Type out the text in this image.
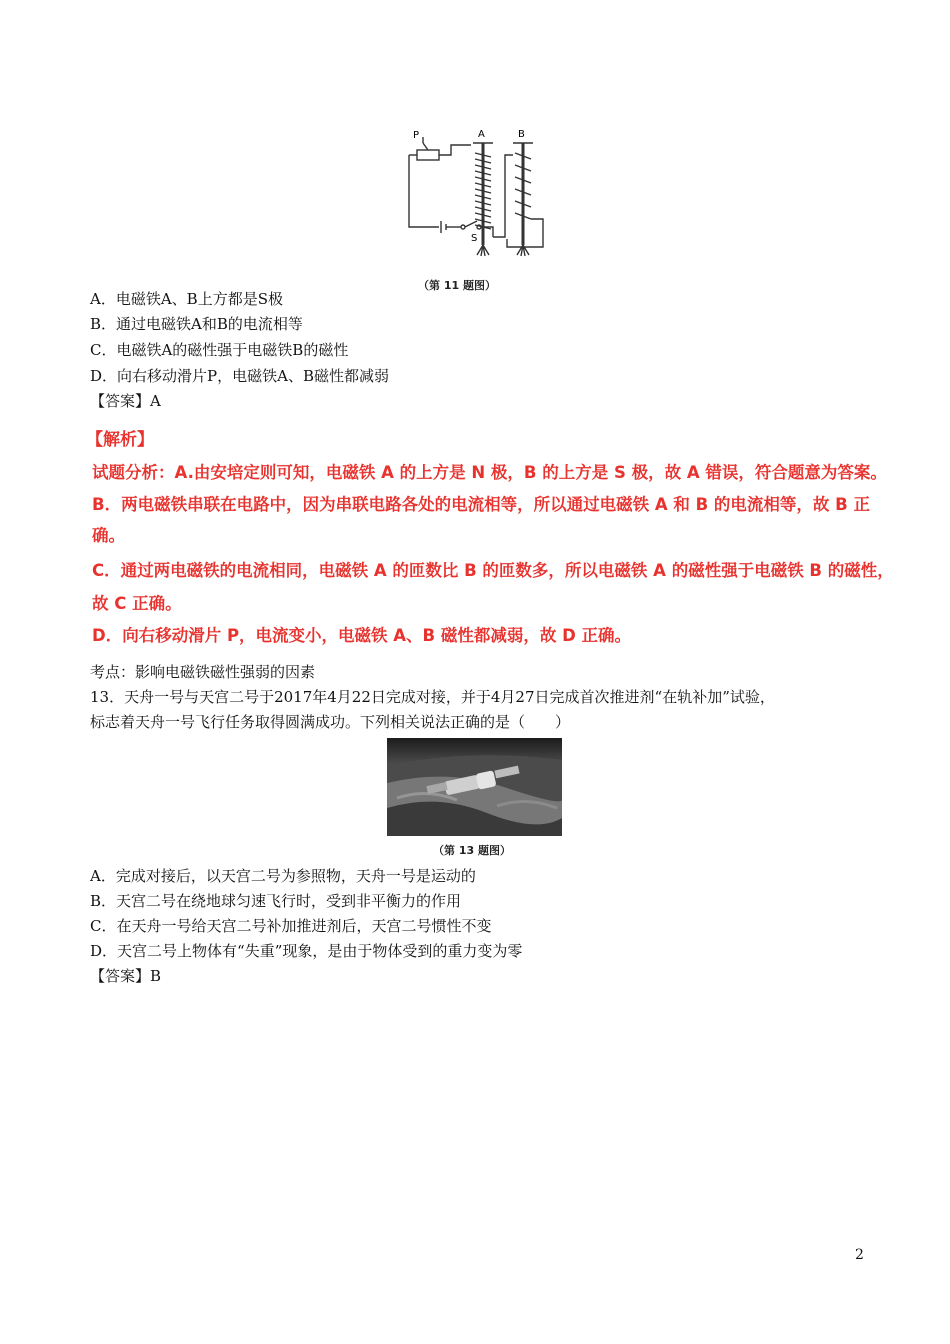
P	A	B
S
（第 11 题图）
A．电磁铁A、B上方都是S极
B．通过电磁铁A和B的电流相等
C．电磁铁A的磁性强于电磁铁B的磁性
D．向右移动滑片P，电磁铁A、B磁性都减弱
【答案】A
【解析】
试题分析：A.由安培定则可知，电磁铁 A 的上方是 N 极，B 的上方是 S 极，故 A 错误，符合题意为答案。
B．两电磁铁串联在电路中，因为串联电路各处的电流相等，所以通过电磁铁 A 和 B 的电流相等，故 B 正
确。
C．通过两电磁铁的电流相同，电磁铁 A 的匝数比 B 的匝数多，所以电磁铁 A 的磁性强于电磁铁 B 的磁性，
故 C 正确。
D．向右移动滑片 P，电流变小，电磁铁 A、B 磁性都减弱，故 D 正确。
考点：影响电磁铁磁性强弱的因素
13．天舟一号与天宫二号于2017年4月22日完成对接，并于4月27日完成首次推进剂“在轨补加”试验，
标志着天舟一号飞行任务取得圆满成功。下列相关说法正确的是（　　）
（第 13 题图）
A．完成对接后，以天宫二号为参照物，天舟一号是运动的
B．天宫二号在绕地球匀速飞行时，受到非平衡力的作用
C．在天舟一号给天宫二号补加推进剂后，天宫二号惯性不变
D．天宫二号上物体有“失重”现象，是由于物体受到的重力变为零
【答案】B
2
